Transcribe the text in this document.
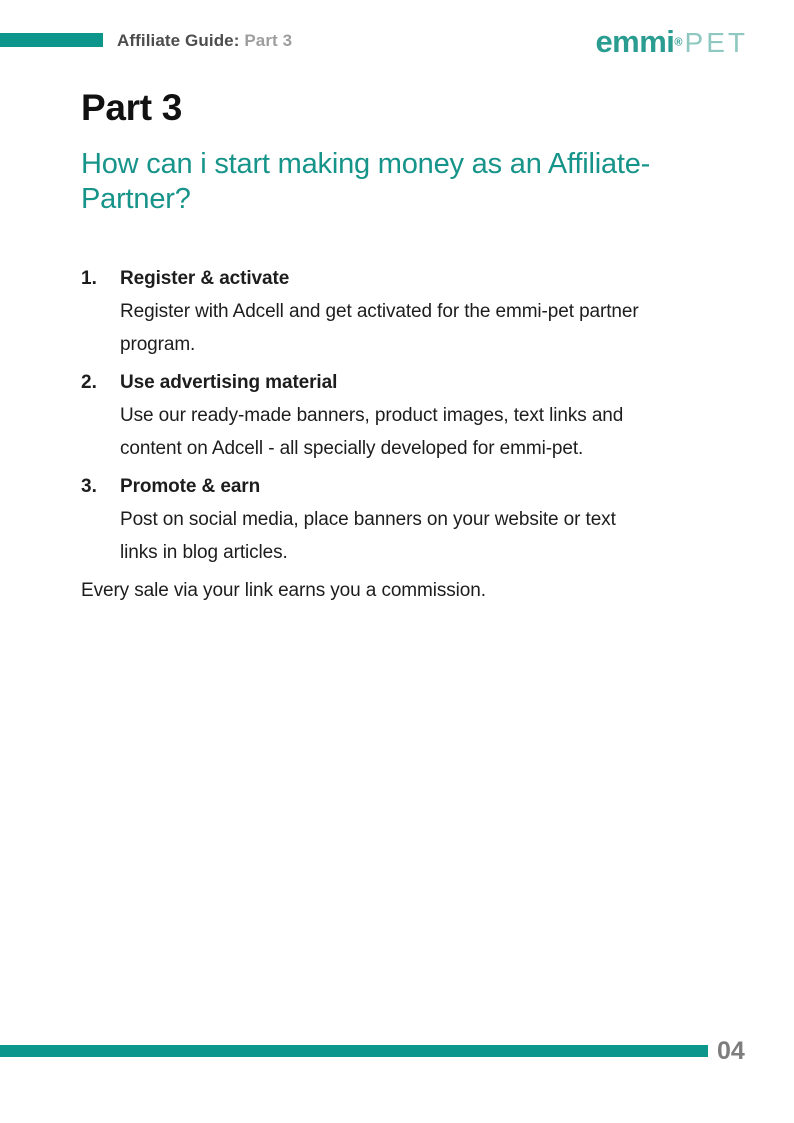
Affiliate Guide: Part 3	emmi®PET
Part 3
How can i start making money as an Affiliate-
Partner?
1.	Register & activate
Register with Adcell and get activated for the emmi-pet partner
program.
2.	Use advertising material
Use our ready-made banners, product images, text links and
content on Adcell - all specially developed for emmi-pet.
3.	Promote & earn
Post on social media, place banners on your website or text
links in blog articles.

Every sale via your link earns you a commission.

04
